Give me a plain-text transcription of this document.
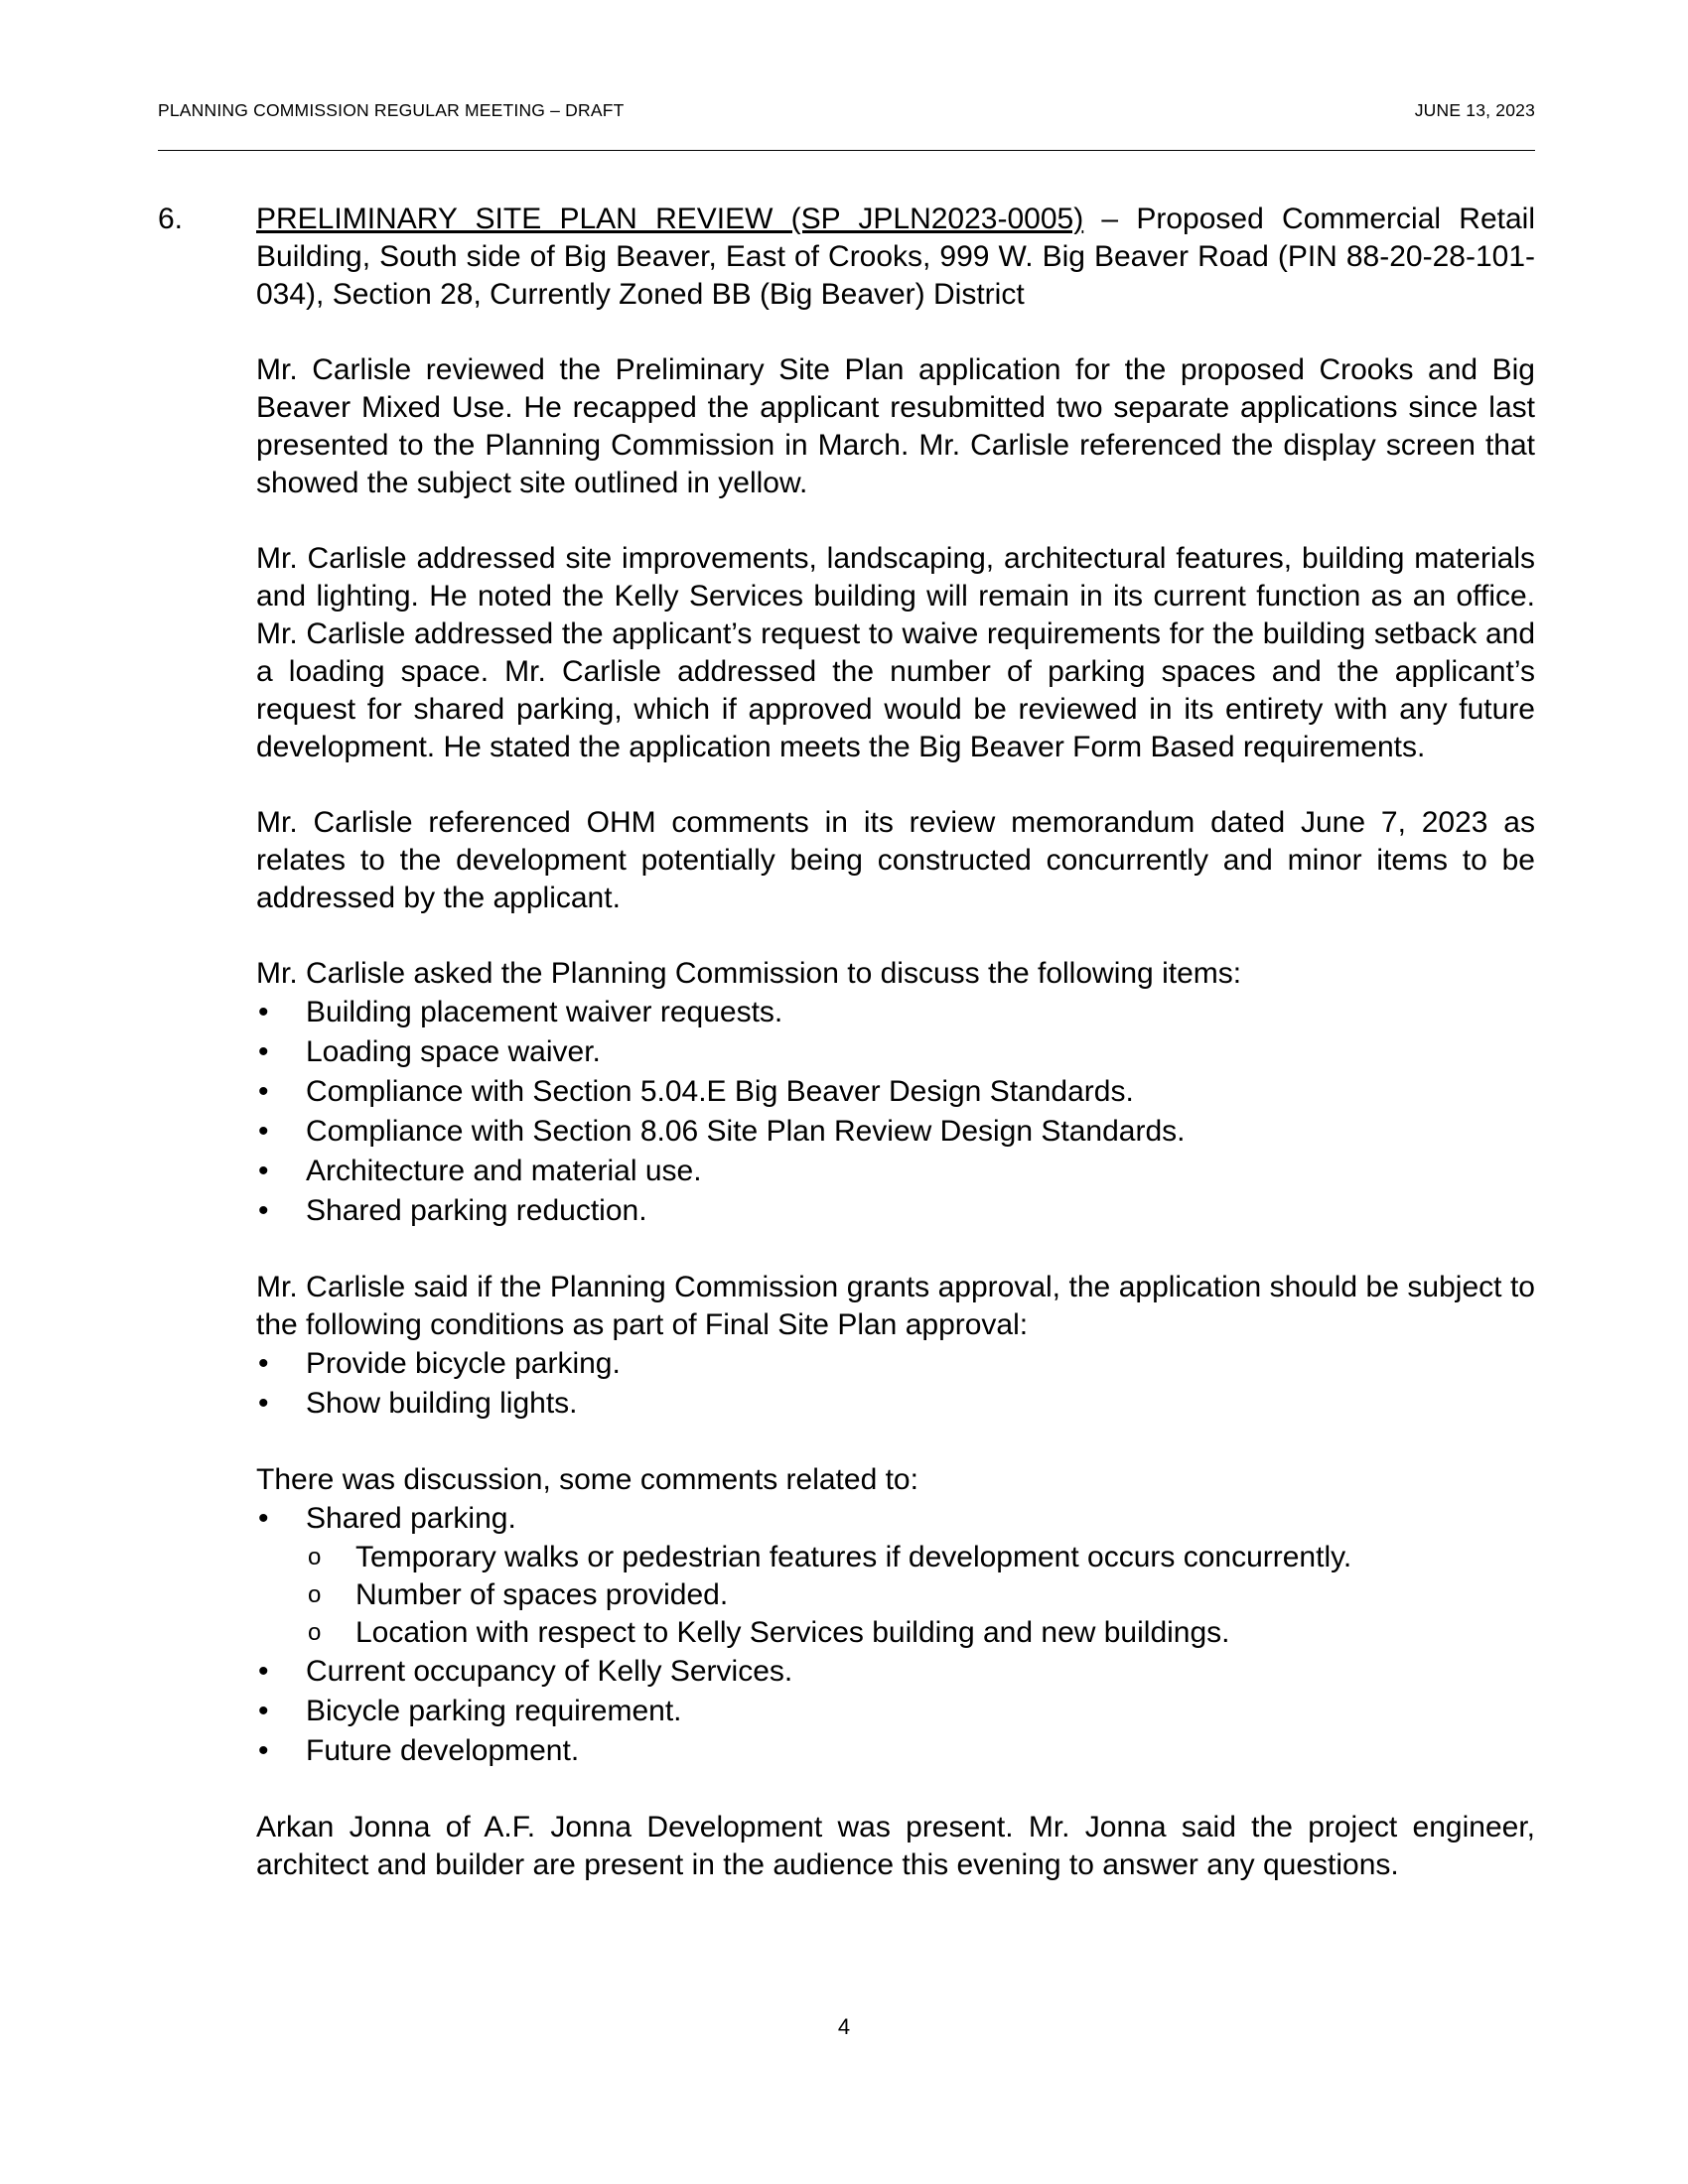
PLANNING COMMISSION REGULAR MEETING – DRAFT	JUNE 13, 2023
6. PRELIMINARY SITE PLAN REVIEW (SP JPLN2023-0005) – Proposed Commercial Retail Building, South side of Big Beaver, East of Crooks, 999 W. Big Beaver Road (PIN 88-20-28-101-034), Section 28, Currently Zoned BB (Big Beaver) District

Mr. Carlisle reviewed the Preliminary Site Plan application for the proposed Crooks and Big Beaver Mixed Use. He recapped the applicant resubmitted two separate applications since last presented to the Planning Commission in March. Mr. Carlisle referenced the display screen that showed the subject site outlined in yellow.

Mr. Carlisle addressed site improvements, landscaping, architectural features, building materials and lighting. He noted the Kelly Services building will remain in its current function as an office. Mr. Carlisle addressed the applicant’s request to waive requirements for the building setback and a loading space. Mr. Carlisle addressed the number of parking spaces and the applicant’s request for shared parking, which if approved would be reviewed in its entirety with any future development. He stated the application meets the Big Beaver Form Based requirements.

Mr. Carlisle referenced OHM comments in its review memorandum dated June 7, 2023 as relates to the development potentially being constructed concurrently and minor items to be addressed by the applicant.

Mr. Carlisle asked the Planning Commission to discuss the following items:

• Building placement waiver requests.
• Loading space waiver.
• Compliance with Section 5.04.E Big Beaver Design Standards.
• Compliance with Section 8.06 Site Plan Review Design Standards.
• Architecture and material use.
• Shared parking reduction.

Mr. Carlisle said if the Planning Commission grants approval, the application should be subject to the following conditions as part of Final Site Plan approval:

• Provide bicycle parking.
• Show building lights.

There was discussion, some comments related to:

• Shared parking.
o Temporary walks or pedestrian features if development occurs concurrently.
o Number of spaces provided.
o Location with respect to Kelly Services building and new buildings.
• Current occupancy of Kelly Services.
• Bicycle parking requirement.
• Future development.

Arkan Jonna of A.F. Jonna Development was present. Mr. Jonna said the project engineer, architect and builder are present in the audience this evening to answer any questions.

4
